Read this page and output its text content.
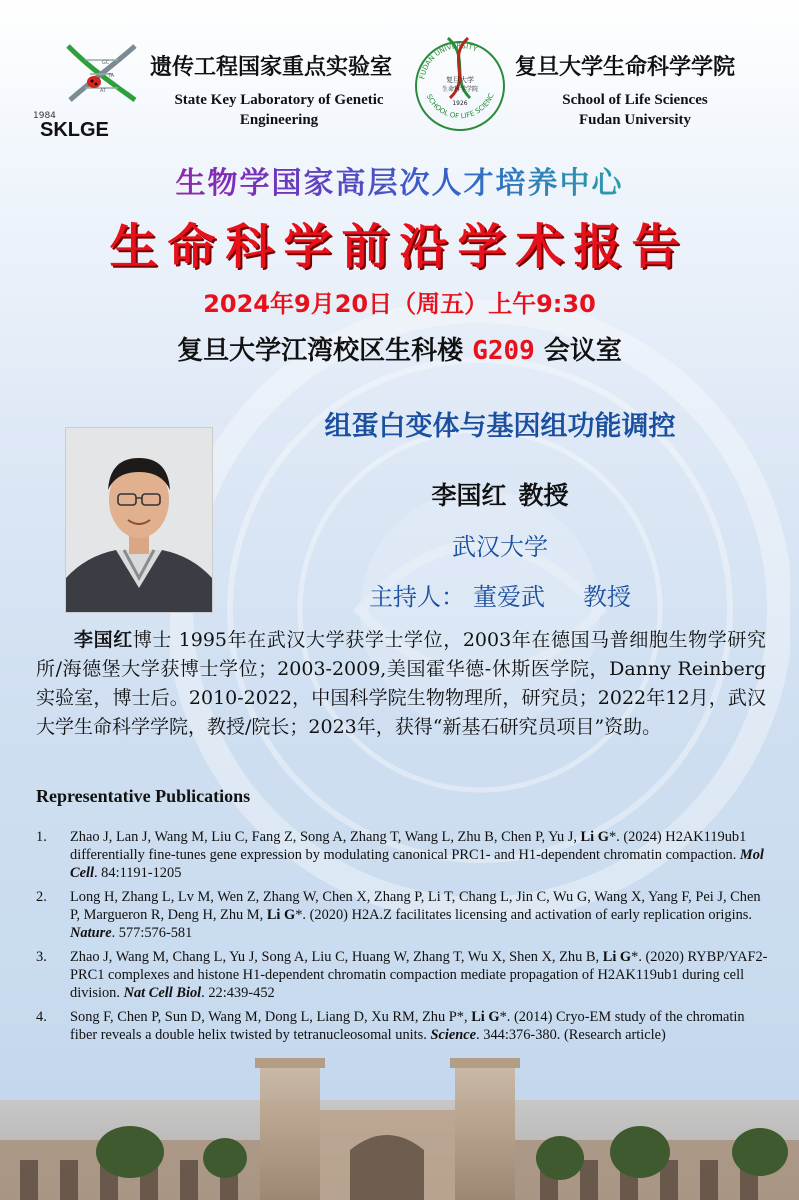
GC
TA
AT
1984
SKLGE
遗传工程国家重点实验室
State Key Laboratory of Genetic
Engineering
FUDAN UNIVERSITY
SCHOOL OF LIFE SCIENC
复旦大学
生命科学学院
1926
复旦大学生命科学学院
School of Life Sciences
Fudan University
生物学国家高层次人才培养中心
生命科学前沿学术报告
2024年9月20日（周五）上午9:30
复旦大学江湾校区生科楼 G209 会议室
组蛋白变体与基因组功能调控
李国红 教授
武汉大学
主持人： 董爱武 教授
李国红博士 1995年在武汉大学获学士学位，2003年在德国马普细胞生物学研究所/海德堡大学获博士学位；2003-2009,美国霍华德-休斯医学院，Danny Reinberg实验室，博士后。2010-2022，中国科学院生物物理所，研究员；2022年12月，武汉大学生命科学学院，教授/院长；2023年，获得“新基石研究员项目”资助。
Representative Publications
1. Zhao J, Lan J, Wang M, Liu C, Fang Z, Song A, Zhang T, Wang L, Zhu B, Chen P, Yu J, Li G*. (2024) H2AK119ub1 differentially fine-tunes gene expression by modulating canonical PRC1- and H1-dependent chromatin compaction. Mol Cell. 84:1191-1205
2. Long H, Zhang L, Lv M, Wen Z, Zhang W, Chen X, Zhang P, Li T, Chang L, Jin C, Wu G, Wang X, Yang F, Pei J, Chen P, Margueron R, Deng H, Zhu M, Li G*. (2020) H2A.Z facilitates licensing and activation of early replication origins. Nature. 577:576-581
3. Zhao J, Wang M, Chang L, Yu J, Song A, Liu C, Huang W, Zhang T, Wu X, Shen X, Zhu B, Li G*. (2020) RYBP/YAF2-PRC1 complexes and histone H1-dependent chromatin compaction mediate propagation of H2AK119ub1 during cell division. Nat Cell Biol. 22:439-452
4. Song F, Chen P, Sun D, Wang M, Dong L, Liang D, Xu RM, Zhu P*, Li G*. (2014) Cryo-EM study of the chromatin fiber reveals a double helix twisted by tetranucleosomal units. Science. 344:376-380. (Research article)
